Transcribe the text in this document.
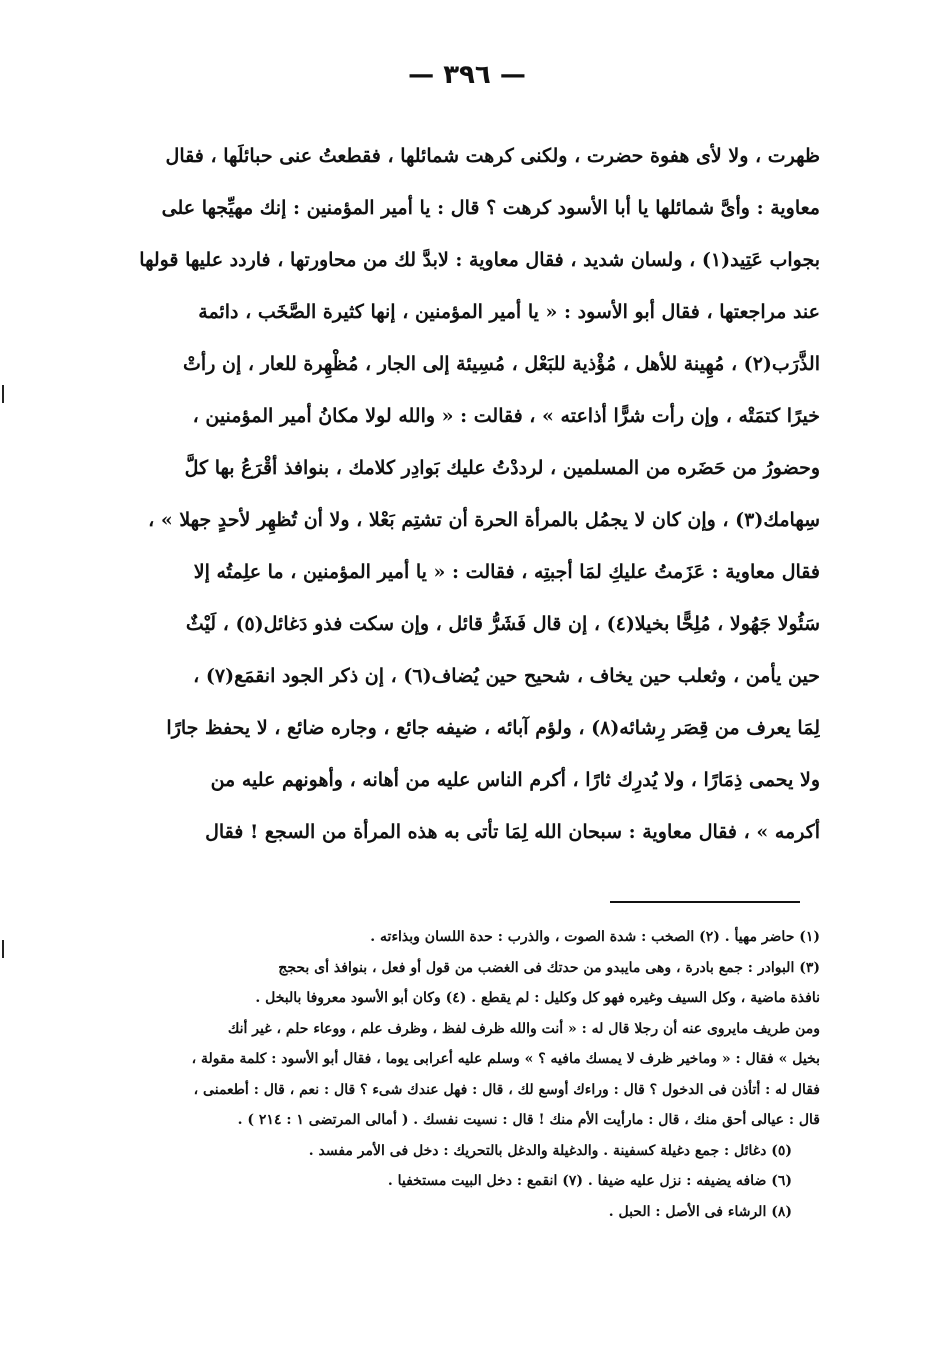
— ٣٩٦ —
ظهرت ، ولا لأى هفوة حضرت ، ولكنى كرهت شمائلها ، فقطعتُ عنى حبائلَها ، فقال
معاوية : وأىَّ شمائلها يا أبا الأسود كرهت ؟ قال : يا أمير المؤمنين : إنك مهيِّجها على
بجواب عَتِيد(١) ، ولسان شديد ، فقال معاوية : لابدَّ لك من محاورتها ، فاردد عليها قولها
عند مراجعتها ، فقال أبو الأسود : « يا أمير المؤمنين ، إنها كثيرة الصَّخَب ، دائمة
الذَّرَب(٢) ، مُهِينة للأهل ، مُؤْذية للبَعْل ، مُسِيئة إلى الجار ، مُظْهِرة للعار ، إن رأتْ
خيرًا كتمَتْه ، وإن رأت شرًّا أذاعته » ، فقالت : « والله لولا مكانُ أمير المؤمنين ،
وحضورُ من حَضَره من المسلمين ، لرددْتُ عليك بَوادِر كلامك ، بنوافذ أقْرَعُ بها كلَّ
سِهامك(٣) ، وإن كان لا يجمُل بالمرأة الحرة أن تشتِم بَعْلا ، ولا أن تُظهِر لأحدٍ جهلا » ،
فقال معاوية : عَزَمتُ عليكِ لمَا أجبتِه ، فقالت : « يا أمير المؤمنين ، ما علِمتُه إلا
سَئُولا جَهُولا ، مُلِحًّا بخيلا(٤) ، إن قال فَشَرُّ قائل ، وإن سكت فذو دَغائل(٥) ، لَيْثٌ
حين يأمن ، وثعلب حين يخاف ، شحيح حين يُضاف(٦) ، إن ذكر الجود انقمَع(٧) ،
لِمَا يعرف من قِصَر رِشائه(٨) ، ولؤم آبائه ، ضيفه جائع ، وجاره ضائع ، لا يحفظ جارًا
ولا يحمى ذِمَارًا ، ولا يُدرِك ثارًا ، أكرم الناس عليه من أهانه ، وأهونهم عليه من
أكرمه » ، فقال معاوية : سبحان الله لِمَا تأتى به هذه المرأة من السجع ! فقال
(١) حاضر مهيأ . (٢) الصخب : شدة الصوت ، والذرب : حدة اللسان وبذاءته .
(٣) البوادر : جمع بادرة ، وهى مايبدو من حدتك فى الغضب من قول أو فعل ، بنوافذ أى بحجج
نافذة ماضية ، وكل السيف وغيره فهو كل وكليل : لم يقطع . (٤) وكان أبو الأسود معروفا بالبخل .
ومن طريف مايروى عنه أن رجلا قال له : « أنت والله ظرف لفظ ، وظرف علم ، ووعاء حلم ، غير أنك
بخيل » فقال : « وماخير ظرف لا يمسك مافيه ؟ » وسلم عليه أعرابى يوما ، فقال أبو الأسود : كلمة مقولة ،
فقال له : أتأذن فى الدخول ؟ قال : وراءك أوسع لك ، قال : فهل عندك شىء ؟ قال : نعم ، قال : أطعمنى ،
قال : عيالى أحق منك ، قال : مارأيت الأم منك ! قال : نسيت نفسك . ( أمالى المرتضى ١ : ٢١٤ ) .
(٥) دغائل : جمع دغيلة كسفينة . والدغيلة والدغل بالتحريك : دخل فى الأمر مفسد .
(٦) ضافه يضيفه : نزل عليه ضيفا . (٧) انقمع : دخل البيت مستخفيا .
(٨) الرشاء فى الأصل : الحبل .
